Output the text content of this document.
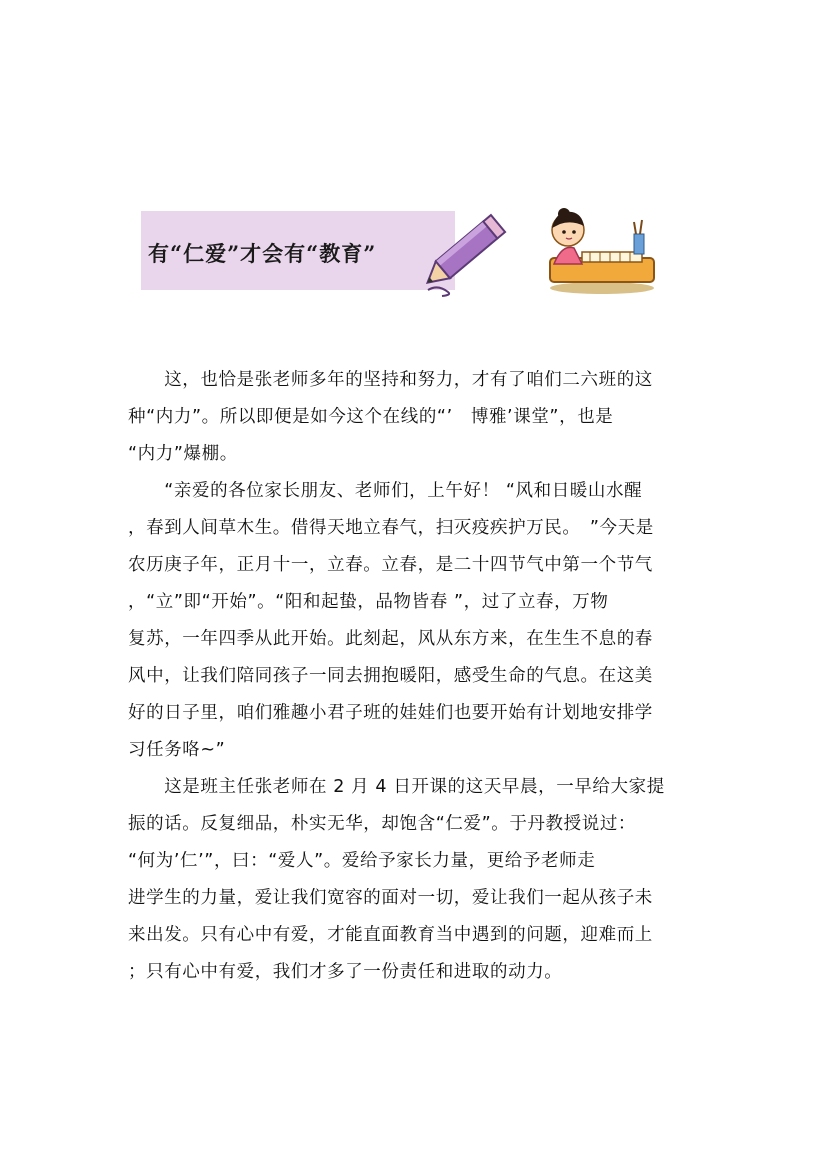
有“仁爱”才会有“教育”

　　这，也恰是张老师多年的坚持和努力，才有了咱们二六班的这
种“内力”。所以即便是如今这个在线的“’　博雅’课堂”，也是
“内力”爆棚。

　　“亲爱的各位家长朋友、老师们，上午好！ “风和日暖山水醒
，春到人间草木生。借得天地立春气，扫灭疫疾护万民。　”今天是
农历庚子年，正月十一，立春。立春，是二十四节气中第一个节气
，“立”即“开始”。“阳和起蛰，品物皆春 ”，过了立春，万物
复苏，一年四季从此开始。此刻起，风从东方来，在生生不息的春
风中，让我们陪同孩子一同去拥抱暖阳，感受生命的气息。在这美
好的日子里，咱们雅趣小君子班的娃娃们也要开始有计划地安排学
习任务咯~”

　　这是班主任张老师在 2 月 4 日开课的这天早晨，一早给大家提
振的话。反复细品，朴实无华，却饱含“仁爱”。于丹教授说过：
“何为’仁’”，曰：“爱人”。爱给予家长力量，更给予老师走
进学生的力量，爱让我们宽容的面对一切，爱让我们一起从孩子未
来出发。只有心中有爱，才能直面教育当中遇到的问题，迎难而上
；只有心中有爱，我们才多了一份责任和进取的动力。
